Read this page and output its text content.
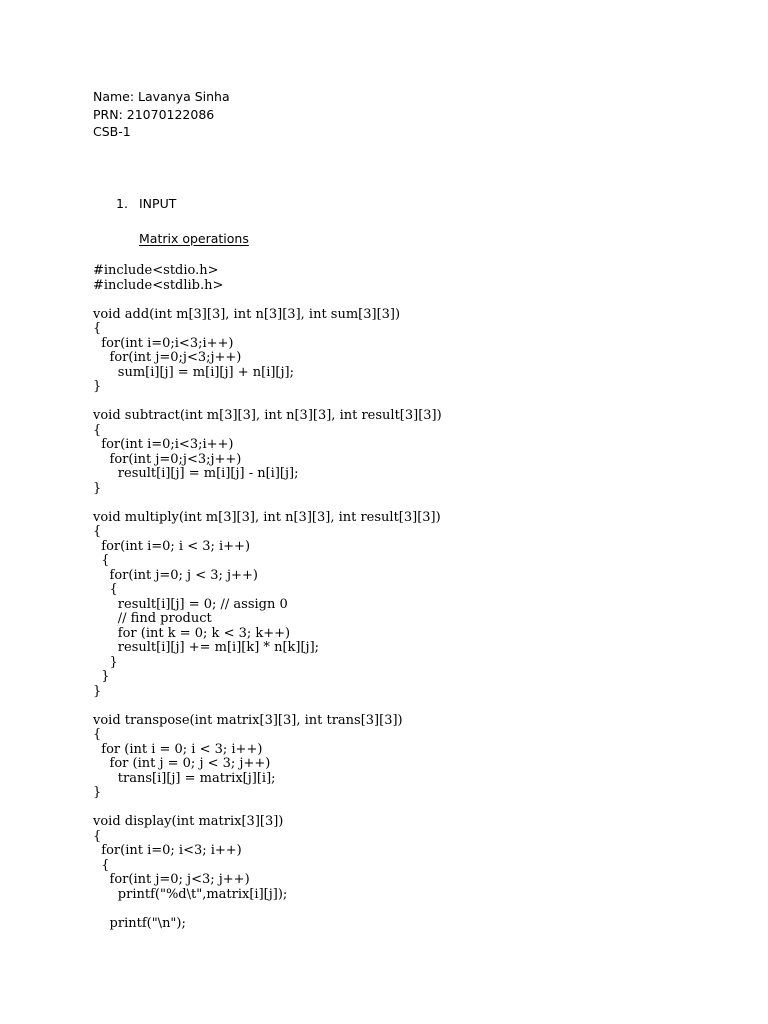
Name: Lavanya Sinha
PRN: 21070122086
CSB-1
1. INPUT
Matrix operations
#include<stdio.h>
#include<stdlib.h>
void add(int m[3][3], int n[3][3], int sum[3][3])
{
for(int i=0;i<3;i++)
for(int j=0;j<3;j++)
sum[i][j] = m[i][j] + n[i][j];
}
void subtract(int m[3][3], int n[3][3], int result[3][3])
{
for(int i=0;i<3;i++)
for(int j=0;j<3;j++)
result[i][j] = m[i][j] - n[i][j];
}
void multiply(int m[3][3], int n[3][3], int result[3][3])
{
for(int i=0; i < 3; i++)
{
for(int j=0; j < 3; j++)
{
result[i][j] = 0; // assign 0
// find product
for (int k = 0; k < 3; k++)
result[i][j] += m[i][k] * n[k][j];
}
}
}
void transpose(int matrix[3][3], int trans[3][3])
{
for (int i = 0; i < 3; i++)
for (int j = 0; j < 3; j++)
trans[i][j] = matrix[j][i];
}
void display(int matrix[3][3])
{
for(int i=0; i<3; i++)
{
for(int j=0; j<3; j++)
printf("%d\t",matrix[i][j]);
printf("\n");
